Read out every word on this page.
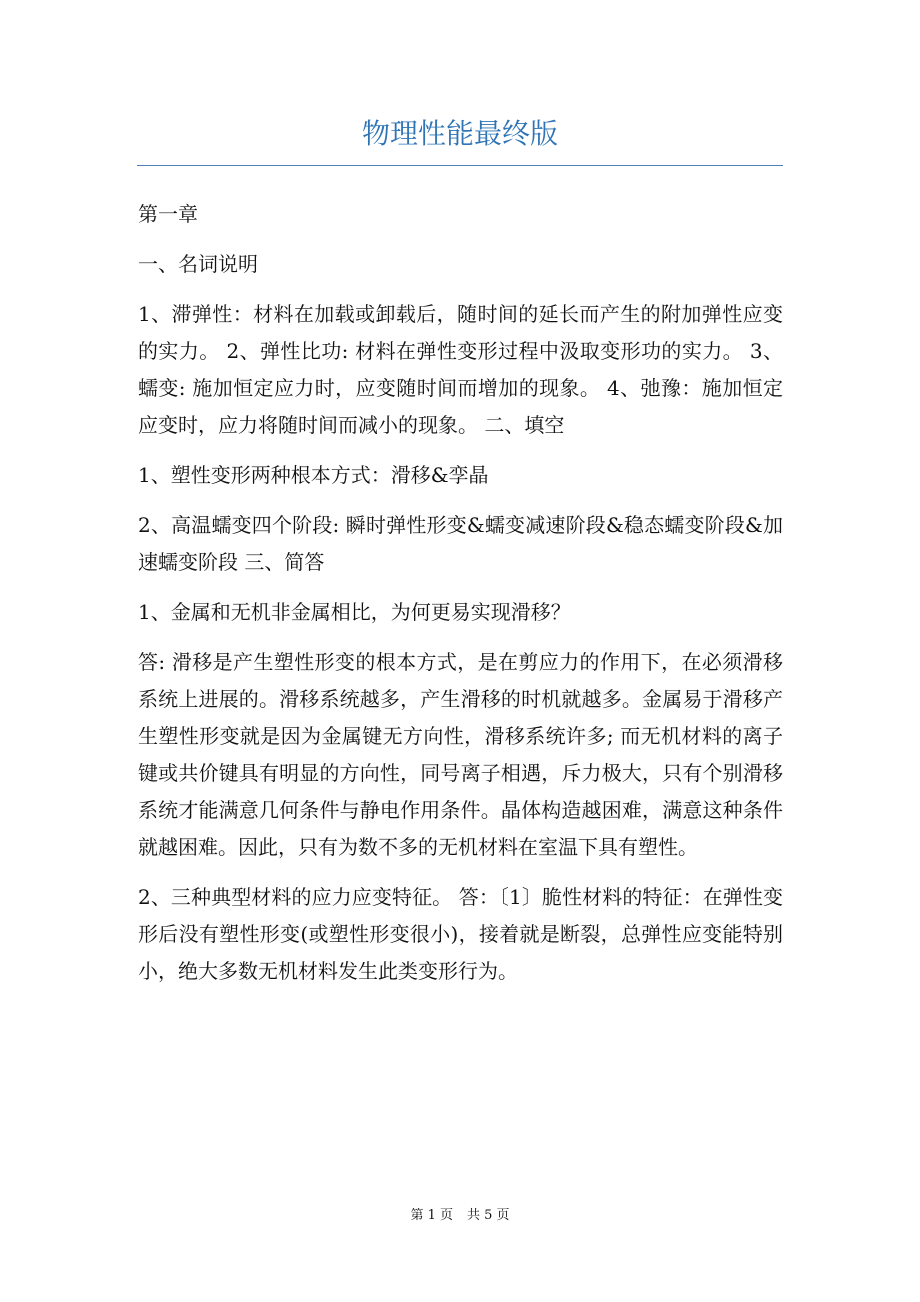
物理性能最终版

第一章

一、名词说明

1、滞弹性：材料在加载或卸载后，随时间的延长而产生的附加弹性应变的实力。 2、弹性比功: 材料在弹性变形过程中汲取变形功的实力。 3、蠕变: 施加恒定应力时，应变随时间而增加的现象。 4、弛豫：施加恒定应变时，应力将随时间而减小的现象。 二、填空

1、塑性变形两种根本方式：滑移&孪晶

2、高温蠕变四个阶段: 瞬时弹性形变&蠕变减速阶段&稳态蠕变阶段&加速蠕变阶段 三、简答

1、金属和无机非金属相比，为何更易实现滑移？

答: 滑移是产生塑性形变的根本方式，是在剪应力的作用下，在必须滑移系统上进展的。滑移系统越多，产生滑移的时机就越多。金属易于滑移产生塑性形变就是因为金属键无方向性，滑移系统许多; 而无机材料的离子键或共价键具有明显的方向性，同号离子相遇，斥力极大，只有个别滑移系统才能满意几何条件与静电作用条件。晶体构造越困难，满意这种条件就越困难。因此，只有为数不多的无机材料在室温下具有塑性。

2、三种典型材料的应力应变特征。 答：〔1〕脆性材料的特征：在弹性变形后没有塑性形变(或塑性形变很小)，接着就是断裂，总弹性应变能特别小，绝大多数无机材料发生此类变形行为。

第 1 页 共 5 页
